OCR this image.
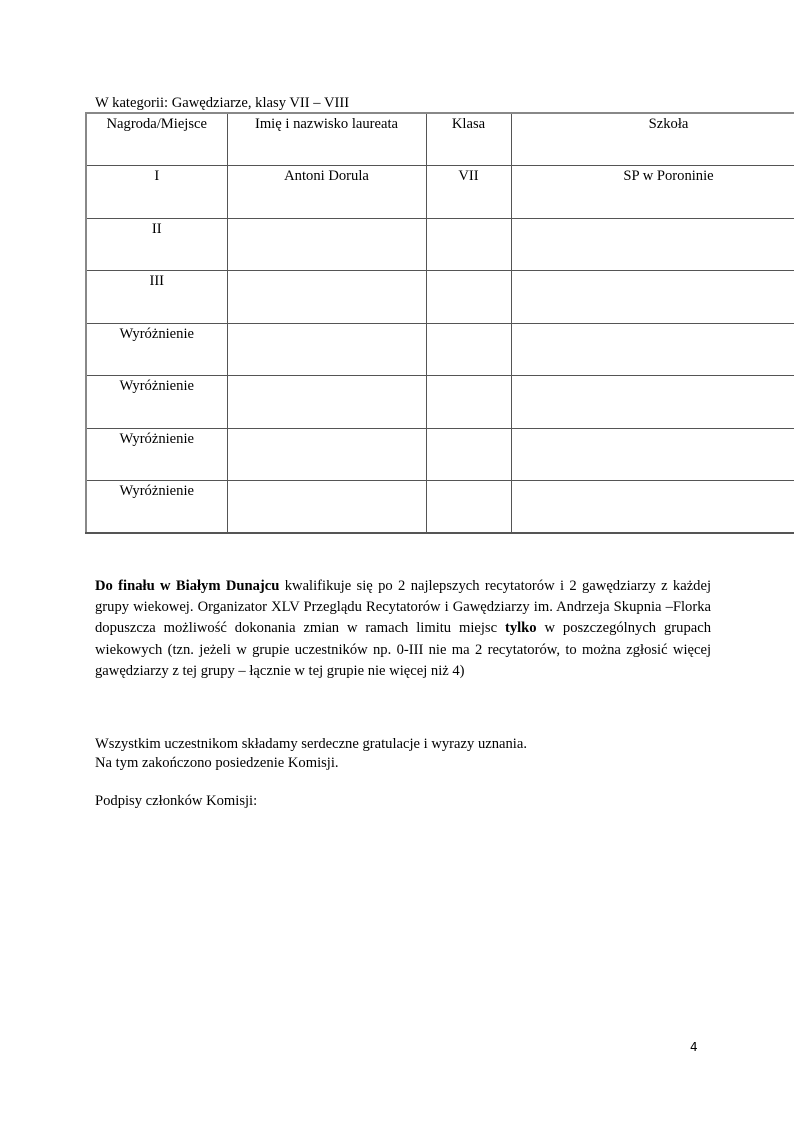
W kategorii: Gawędziarze, klasy VII – VIII
Nagroda/Miejsce	Imię i nazwisko laureata	Klasa	Szkoła
I	Antoni Dorula	VII	SP w Poroninie
II			
III			
Wyróżnienie			
Wyróżnienie			
Wyróżnienie			
Wyróżnienie			
Do finału w Białym Dunajcu kwalifikuje się po 2 najlepszych recytatorów i 2 gawędziarzy z każdej grupy wiekowej. Organizator XLV Przeglądu Recytatorów i Gawędziarzy im. Andrzeja Skupnia –Florka dopuszcza możliwość dokonania zmian w ramach limitu miejsc tylko w poszczególnych grupach wiekowych (tzn. jeżeli w grupie uczestników np. 0-III nie ma 2 recytatorów, to można zgłosić więcej gawędziarzy z tej grupy – łącznie w tej grupie nie więcej niż 4)
Wszystkim uczestnikom składamy serdeczne gratulacje i wyrazy uznania.
Na tym zakończono posiedzenie Komisji.
Podpisy członków Komisji:
4
